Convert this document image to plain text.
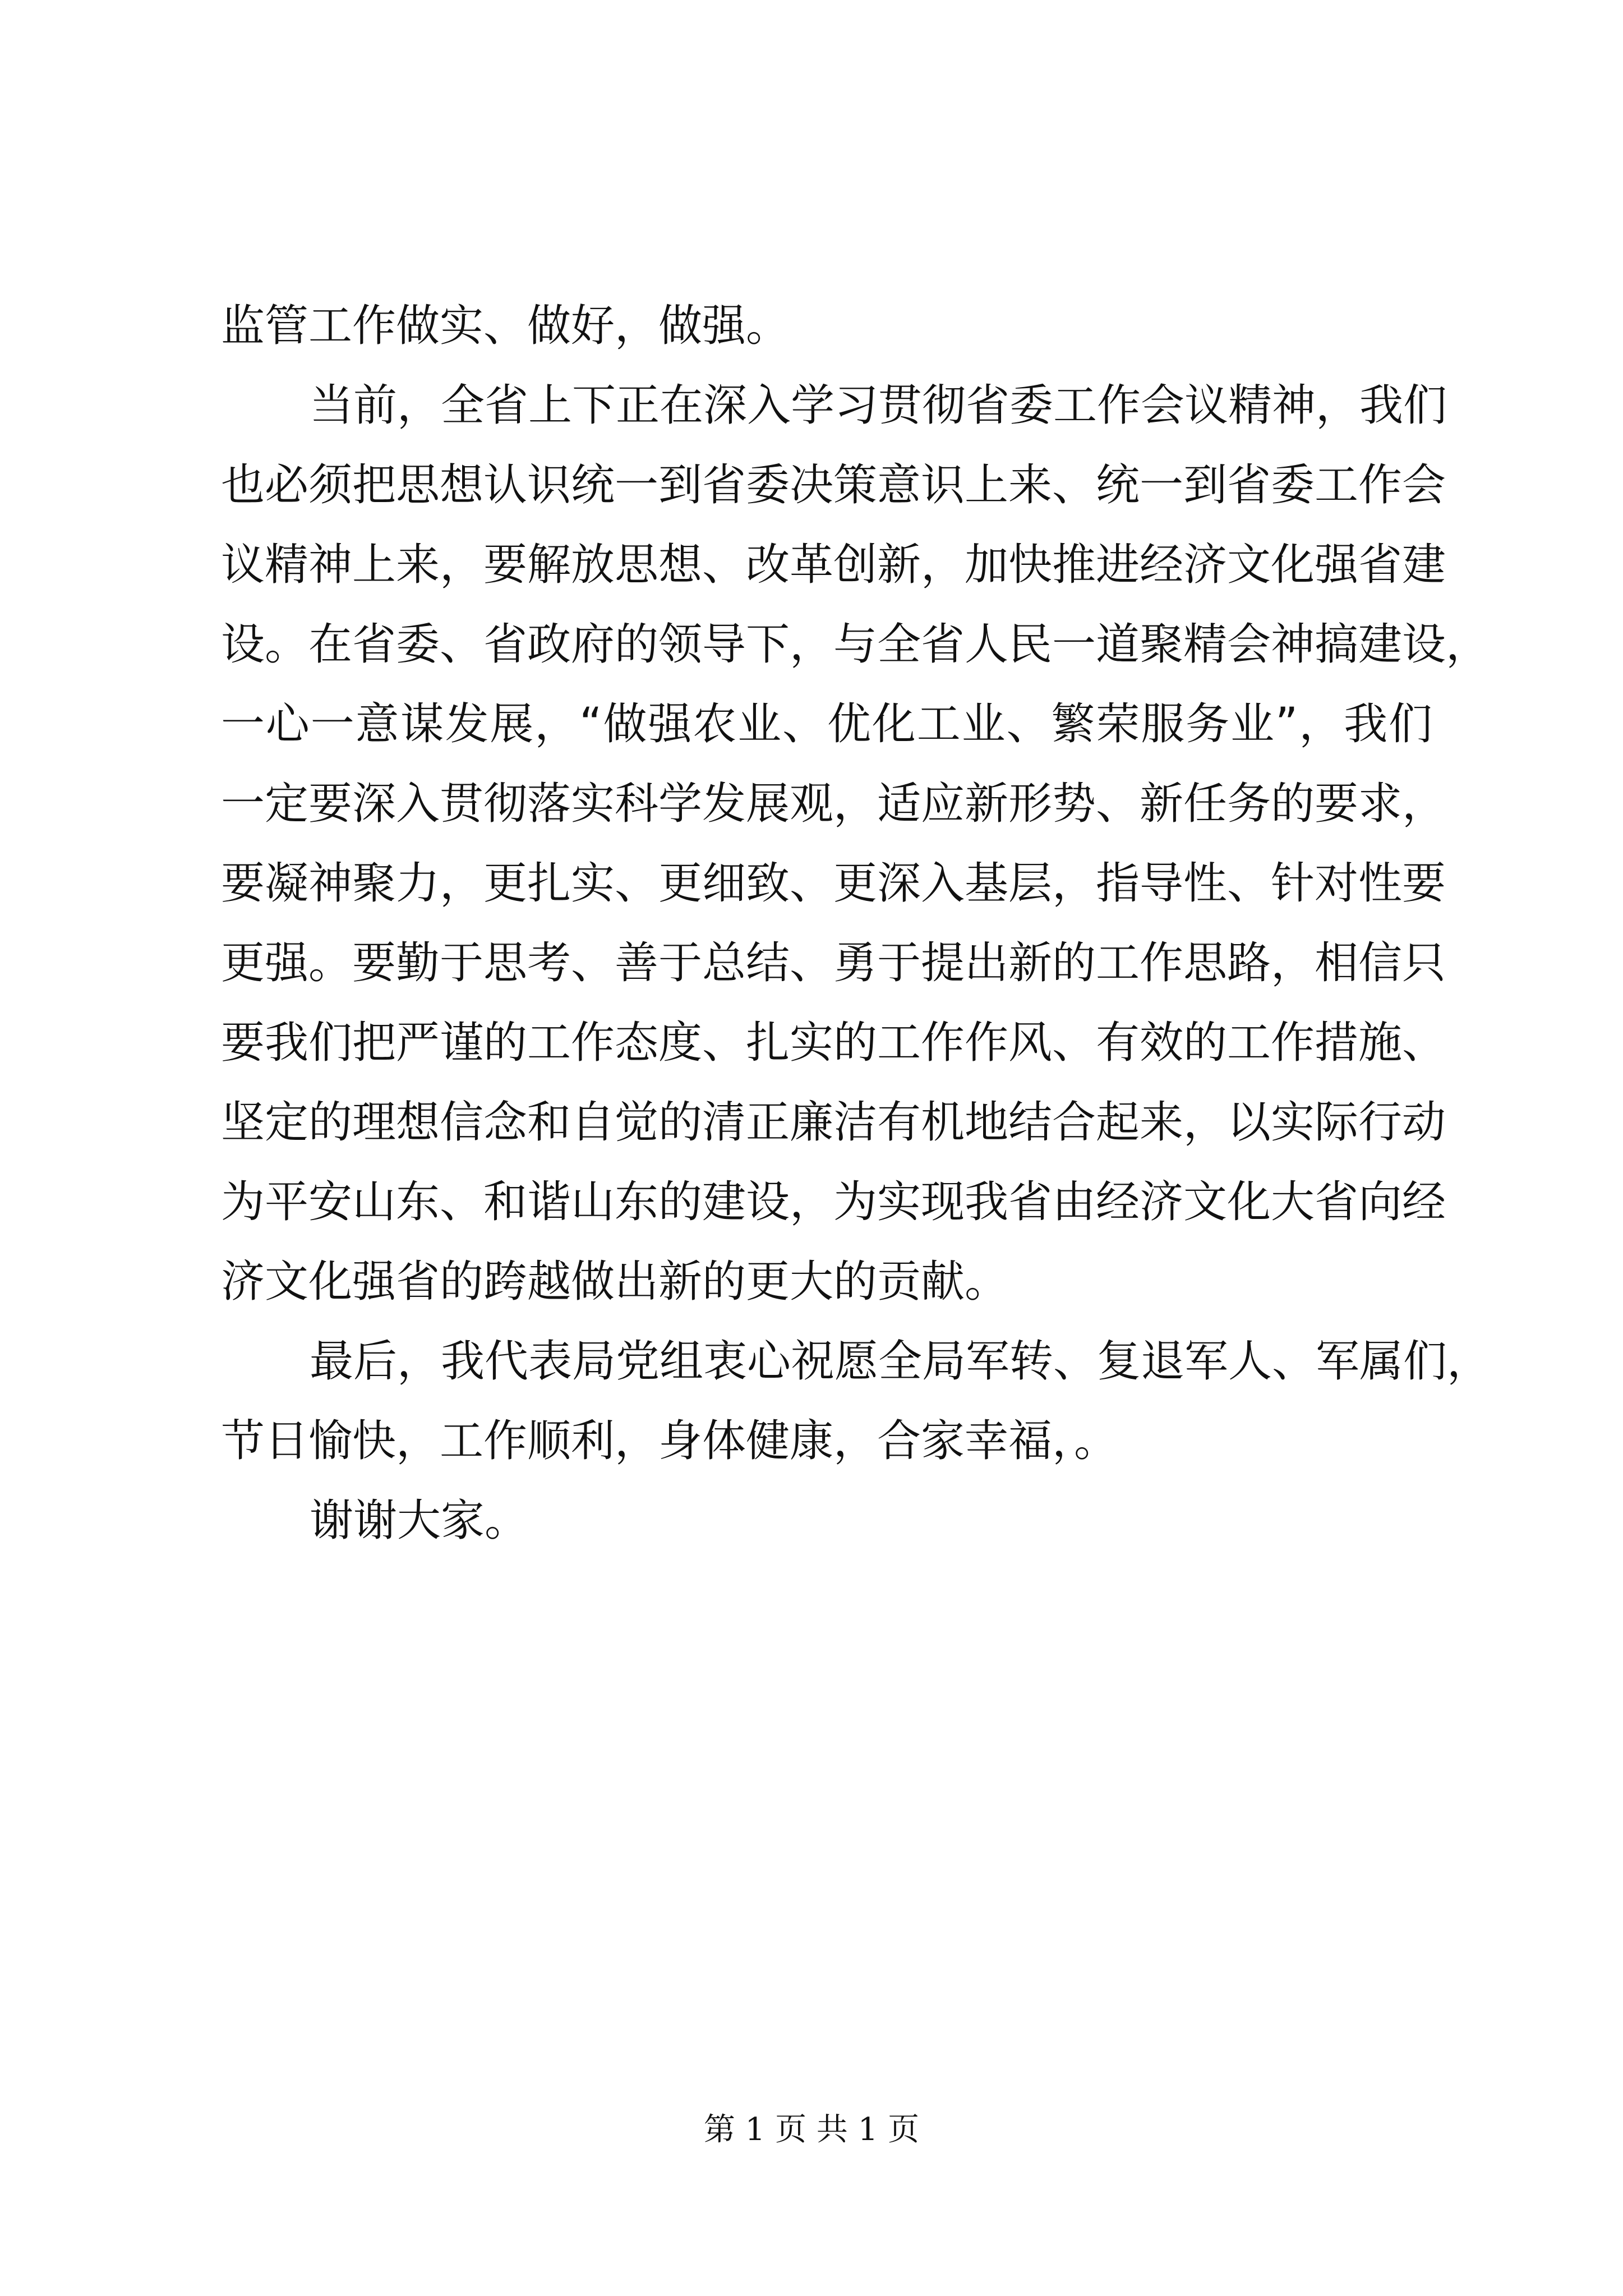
监管工作做实、做好，做强。
当前，全省上下正在深入学习贯彻省委工作会议精神，我们
也必须把思想认识统一到省委决策意识上来、统一到省委工作会
议精神上来，要解放思想、改革创新，加快推进经济文化强省建
设。在省委、省政府的领导下，与全省人民一道聚精会神搞建设，
一心一意谋发展，“做强农业、优化工业、繁荣服务业”，我们
一定要深入贯彻落实科学发展观，适应新形势、新任务的要求，
要凝神聚力，更扎实、更细致、更深入基层，指导性、针对性要
更强。要勤于思考、善于总结、勇于提出新的工作思路，相信只
要我们把严谨的工作态度、扎实的工作作风、有效的工作措施、
坚定的理想信念和自觉的清正廉洁有机地结合起来，以实际行动
为平安山东、和谐山东的建设，为实现我省由经济文化大省向经
济文化强省的跨越做出新的更大的贡献。
最后，我代表局党组衷心祝愿全局军转、复退军人、军属们，
节日愉快，工作顺利，身体健康，合家幸福，。
谢谢大家。
第 1 页 共 1 页
